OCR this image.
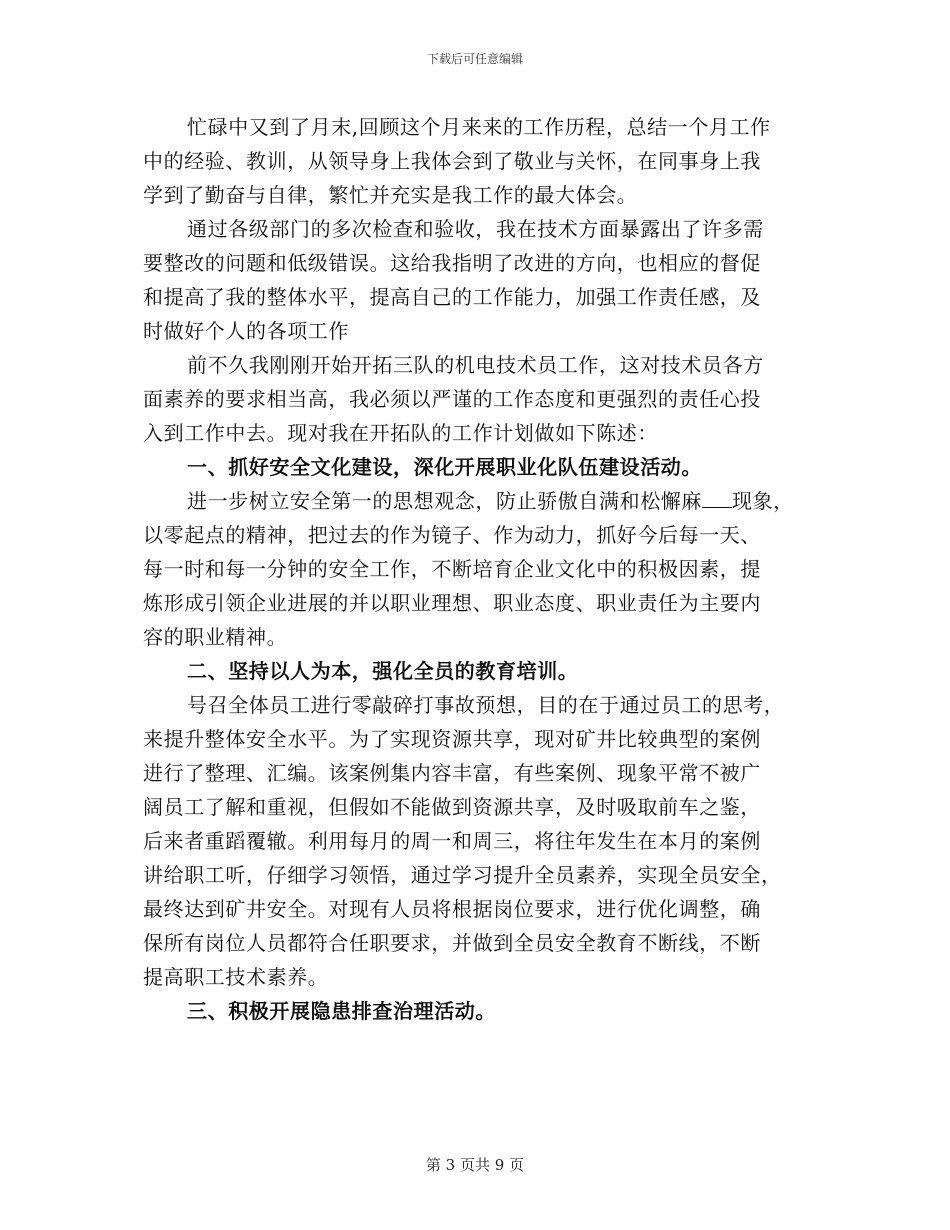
下载后可任意编辑
忙碌中又到了月末,回顾这个月来来的工作历程，总结一个月工作
中的经验、教训，从领导身上我体会到了敬业与关怀，在同事身上我
学到了勤奋与自律，繁忙并充实是我工作的最大体会。
通过各级部门的多次检查和验收，我在技术方面暴露出了许多需
要整改的问题和低级错误。这给我指明了改进的方向，也相应的督促
和提高了我的整体水平，提高自己的工作能力，加强工作责任感，及
时做好个人的各项工作
前不久我刚刚开始开拓三队的机电技术员工作，这对技术员各方
面素养的要求相当高，我必须以严谨的工作态度和更强烈的责任心投
入到工作中去。现对我在开拓队的工作计划做如下陈述：
一、抓好安全文化建设，深化开展职业化队伍建设活动。
进一步树立安全第一的思想观念，防止骄傲自满和松懈麻 现象，
以零起点的精神，把过去的作为镜子、作为动力，抓好今后每一天、
每一时和每一分钟的安全工作，不断培育企业文化中的积极因素，提
炼形成引领企业进展的并以职业理想、职业态度、职业责任为主要内
容的职业精神。
二、坚持以人为本，强化全员的教育培训。
号召全体员工进行零敲碎打事故预想，目的在于通过员工的思考，
来提升整体安全水平。为了实现资源共享，现对矿井比较典型的案例
进行了整理、汇编。该案例集内容丰富，有些案例、现象平常不被广
阔员工了解和重视，但假如不能做到资源共享，及时吸取前车之鉴，
后来者重蹈覆辙。利用每月的周一和周三，将往年发生在本月的案例
讲给职工听，仔细学习领悟，通过学习提升全员素养，实现全员安全，
最终达到矿井安全。对现有人员将根据岗位要求，进行优化调整，确
保所有岗位人员都符合任职要求，并做到全员安全教育不断线，不断
提高职工技术素养。
三、积极开展隐患排查治理活动。
第 3 页共 9 页
